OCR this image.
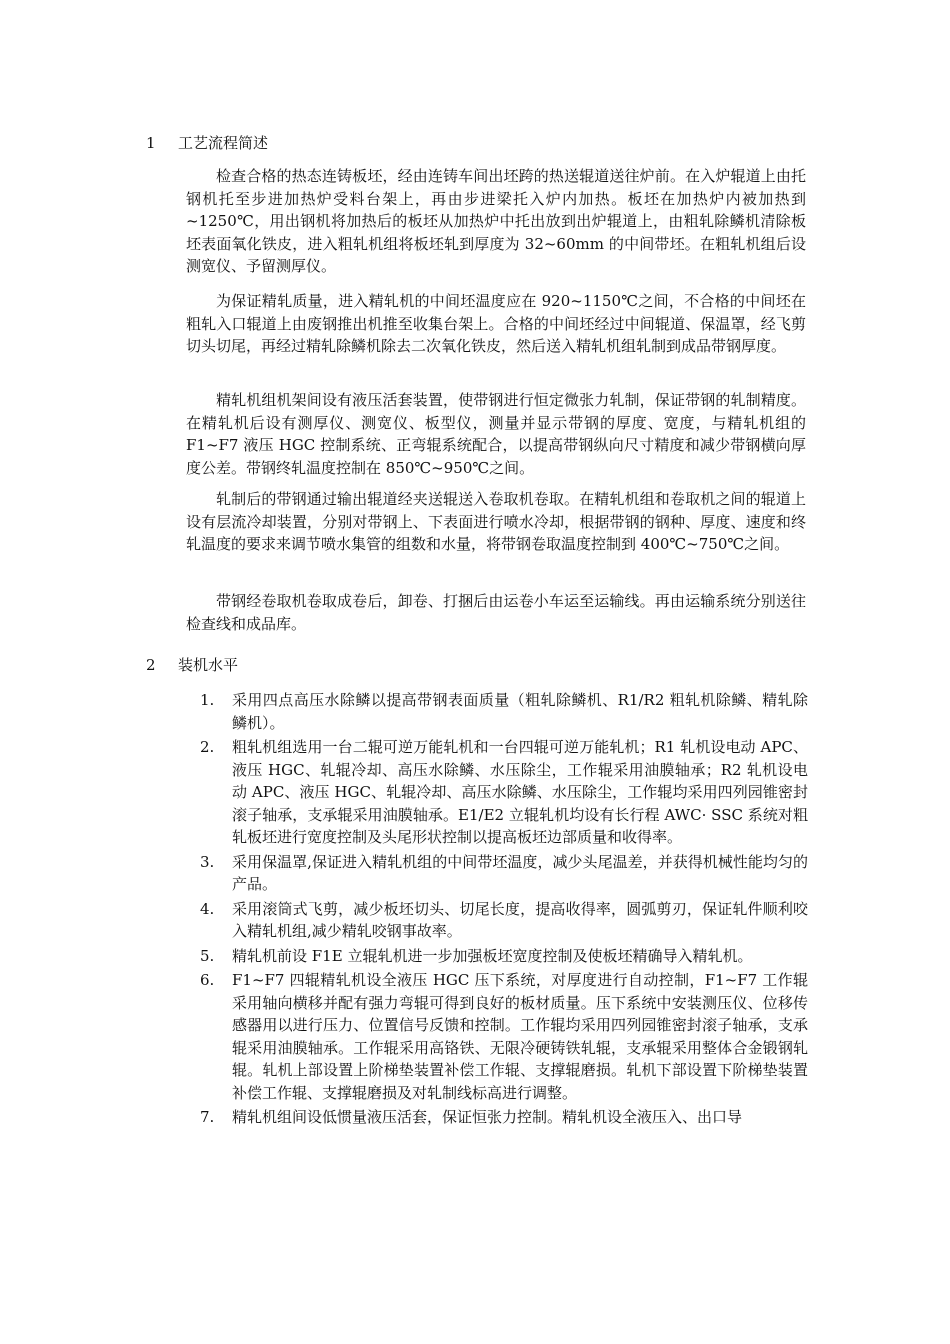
1 工艺流程简述

检查合格的热态连铸板坯，经由连铸车间出坯跨的热送辊道送往炉前。在入炉辊道上由托钢机托至步进加热炉受料台架上，再由步进梁托入炉内加热。板坯在加热炉内被加热到~1250℃，用出钢机将加热后的板坯从加热炉中托出放到出炉辊道上，由粗轧除鳞机清除板坯表面氧化铁皮，进入粗轧机组将板坯轧到厚度为 32~60mm 的中间带坯。在粗轧机组后设测宽仪、予留测厚仪。

为保证精轧质量，进入精轧机的中间坯温度应在 920~1150℃之间，不合格的中间坯在粗轧入口辊道上由废钢推出机推至收集台架上。合格的中间坯经过中间辊道、保温罩，经飞剪切头切尾，再经过精轧除鳞机除去二次氧化铁皮，然后送入精轧机组轧制到成品带钢厚度。

精轧机组机架间设有液压活套装置，使带钢进行恒定微张力轧制，保证带钢的轧制精度。在精轧机后设有测厚仪、测宽仪、板型仪，测量并显示带钢的厚度、宽度，与精轧机组的 F1~F7 液压 HGC 控制系统、正弯辊系统配合，以提高带钢纵向尺寸精度和减少带钢横向厚度公差。带钢终轧温度控制在 850℃~950℃之间。

轧制后的带钢通过输出辊道经夹送辊送入卷取机卷取。在精轧机组和卷取机之间的辊道上设有层流冷却装置，分别对带钢上、下表面进行喷水冷却，根据带钢的钢种、厚度、速度和终轧温度的要求来调节喷水集管的组数和水量，将带钢卷取温度控制到 400℃~750℃之间。

带钢经卷取机卷取成卷后，卸卷、打捆后由运卷小车运至运输线。再由运输系统分别送往检查线和成品库。

2 装机水平
1.	采用四点高压水除鳞以提高带钢表面质量（粗轧除鳞机、R1/R2 粗轧机除鳞、精轧除鳞机）。
2.	粗轧机组选用一台二辊可逆万能轧机和一台四辊可逆万能轧机；R1 轧机设电动 APC、液压 HGC、轧辊冷却、高压水除鳞、水压除尘，工作辊采用油膜轴承；R2 轧机设电动 APC、液压 HGC、轧辊冷却、高压水除鳞、水压除尘，工作辊均采用四列园锥密封滚子轴承，支承辊采用油膜轴承。E1/E2 立辊轧机均设有长行程 AWC· SSC 系统对粗轧板坯进行宽度控制及头尾形状控制以提高板坯边部质量和收得率。
3.	采用保温罩,保证进入精轧机组的中间带坯温度，减少头尾温差，并获得机械性能均匀的产品。
4.	采用滚筒式飞剪，减少板坯切头、切尾长度，提高收得率，圆弧剪刃，保证轧件顺利咬入精轧机组,减少精轧咬钢事故率。
5.	精轧机前设 F1E 立辊轧机进一步加强板坯宽度控制及使板坯精确导入精轧机。
6.	F1~F7 四辊精轧机设全液压 HGC 压下系统，对厚度进行自动控制，F1~F7 工作辊采用轴向横移并配有强力弯辊可得到良好的板材质量。压下系统中安装测压仪、位移传感器用以进行压力、位置信号反馈和控制。工作辊均采用四列园锥密封滚子轴承，支承辊采用油膜轴承。工作辊采用高铬铁、无限冷硬铸铁轧辊，支承辊采用整体合金锻钢轧辊。轧机上部设置上阶梯垫装置补偿工作辊、支撑辊磨损。轧机下部设置下阶梯垫装置补偿工作辊、支撑辊磨损及对轧制线标高进行调整。
7.	精轧机组间设低惯量液压活套，保证恒张力控制。精轧机设全液压入、出口导
